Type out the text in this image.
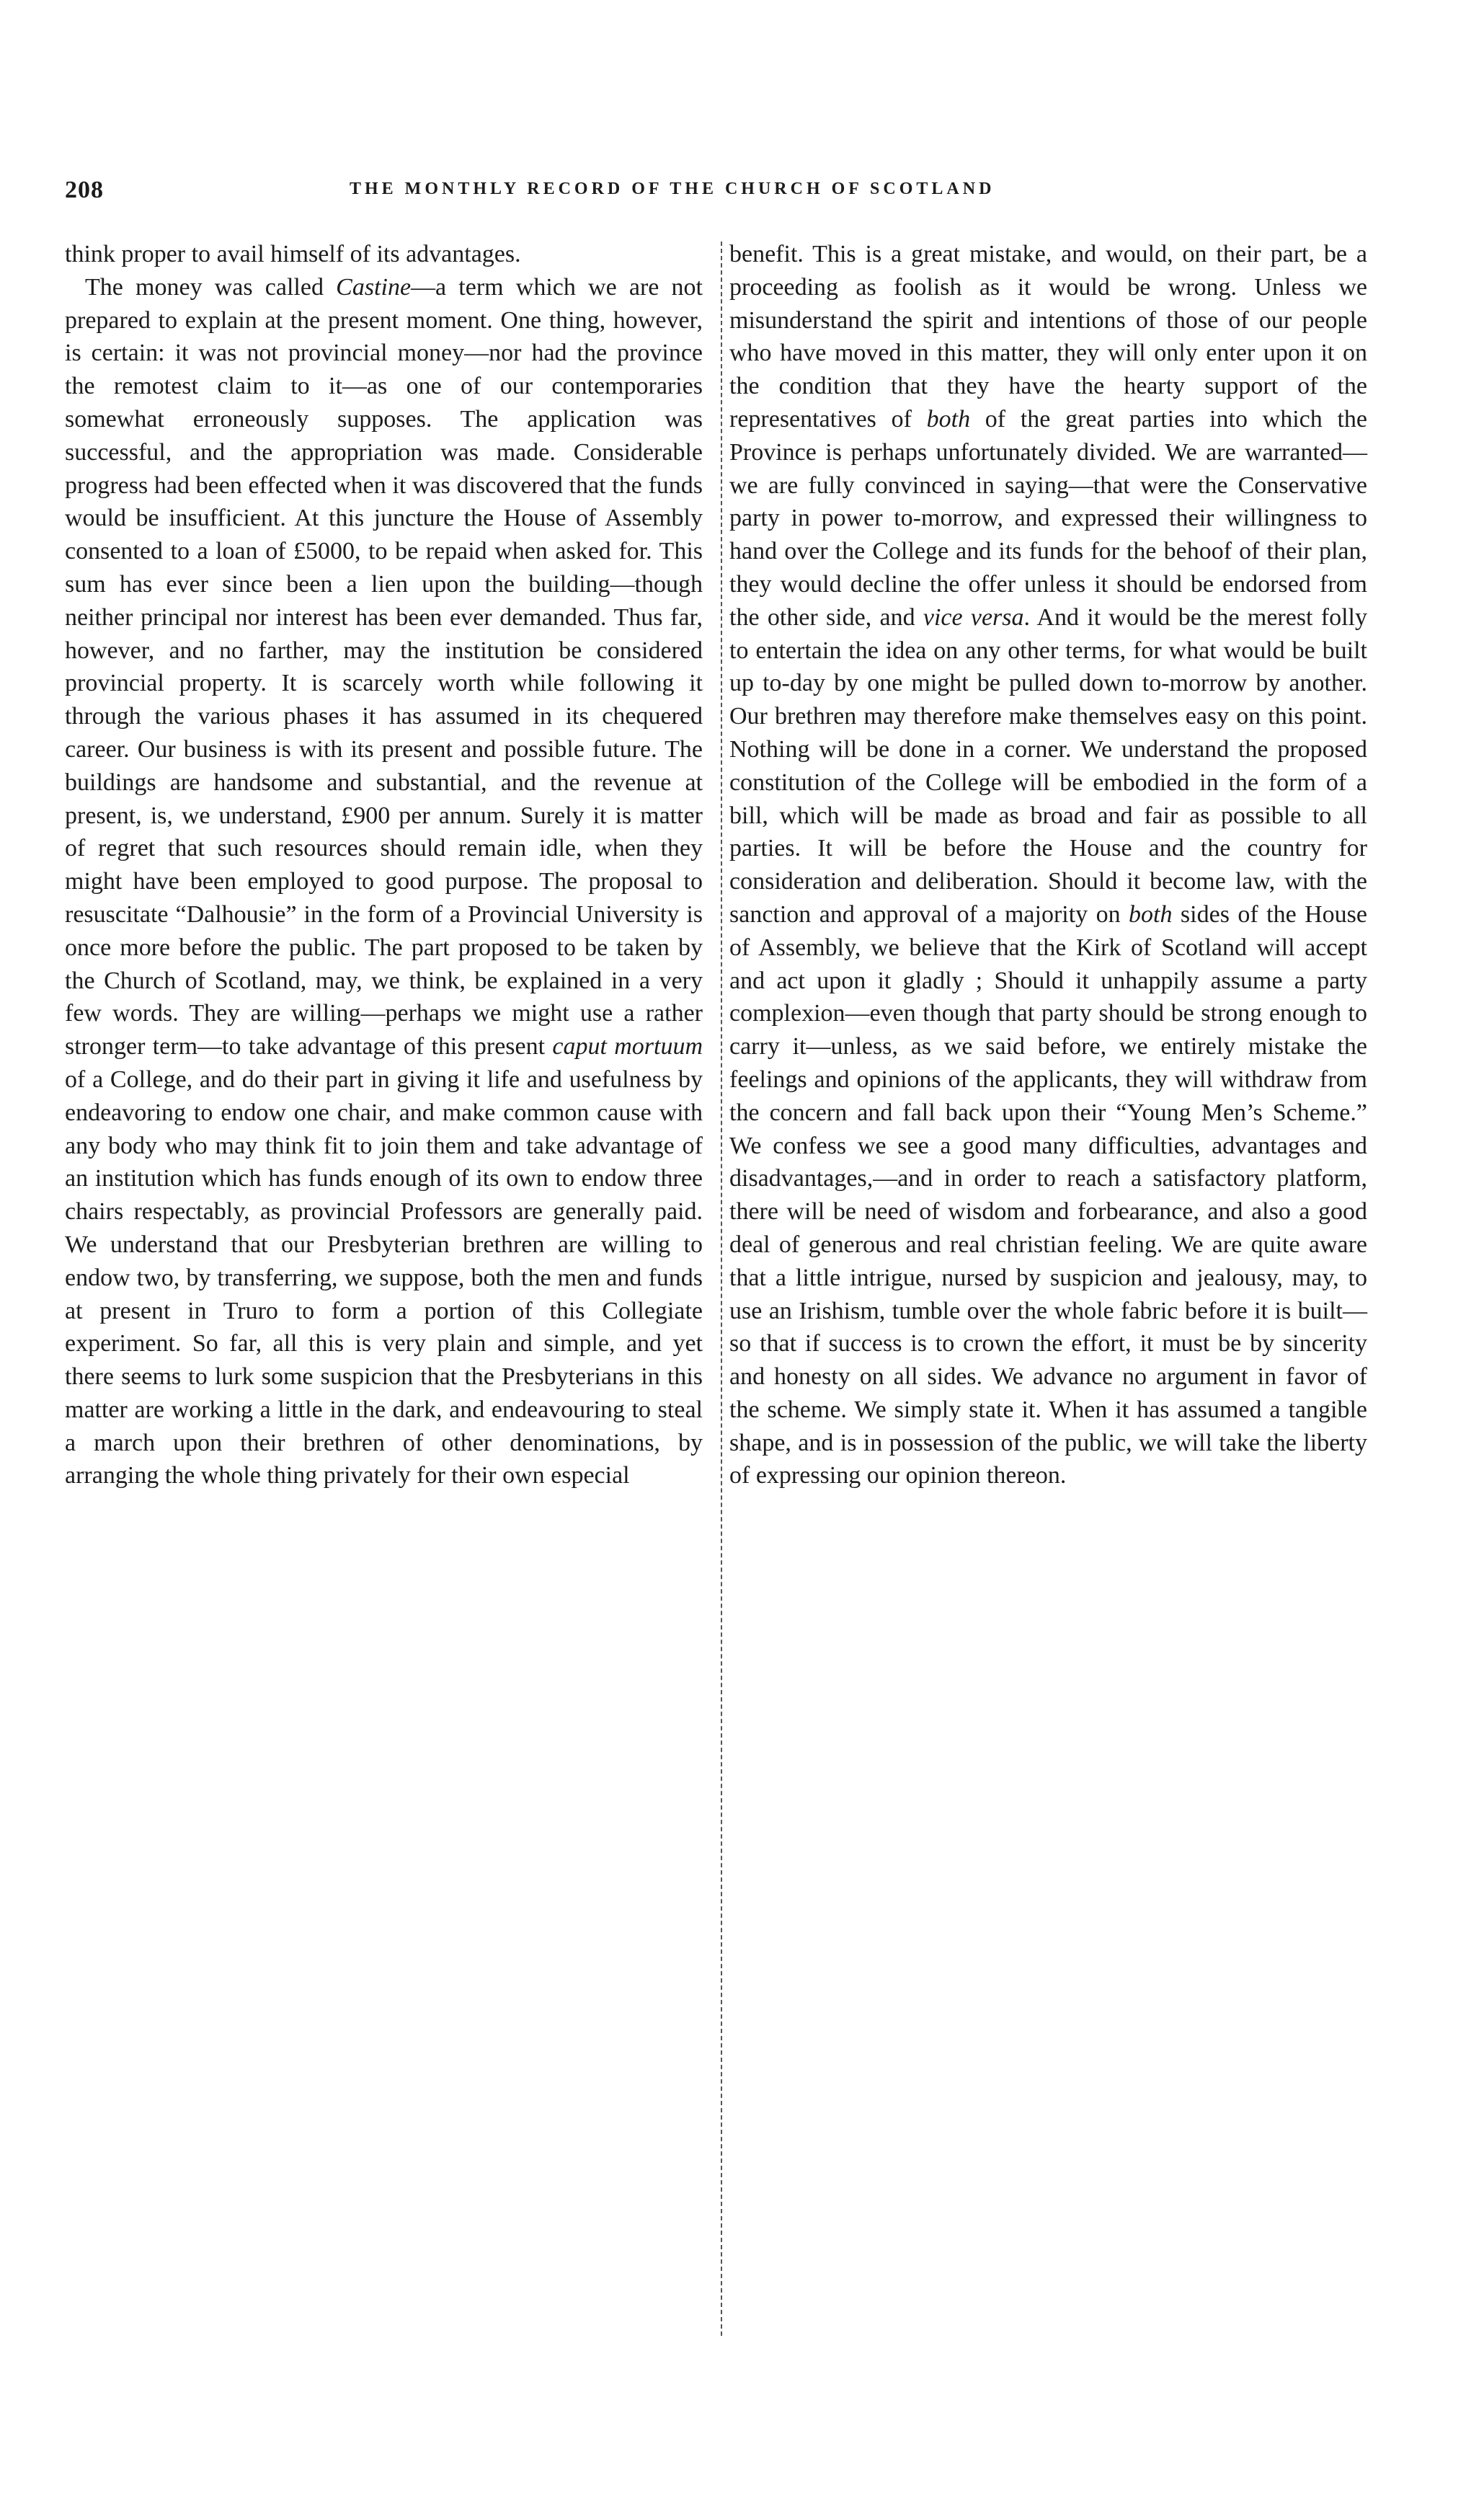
208	THE MONTHLY RECORD OF THE CHURCH OF SCOTLAND

think proper to avail himself of its advantages.

The money was called Castine—a term which we are not prepared to explain at the present moment. One thing, however, is certain: it was not provincial money—nor had the province the remotest claim to it—as one of our contemporaries somewhat erroneously supposes. The application was successful, and the appropriation was made. Considerable progress had been effected when it was discovered that the funds would be insufficient. At this juncture the House of Assembly consented to a loan of £5000, to be repaid when asked for. This sum has ever since been a lien upon the building—though neither principal nor interest has been ever demanded. Thus far, however, and no farther, may the institution be considered provincial property. It is scarcely worth while following it through the various phases it has assumed in its chequered career. Our business is with its present and possible future. The buildings are handsome and substantial, and the revenue at present, is, we understand, £900 per annum. Surely it is matter of regret that such resources should remain idle, when they might have been employed to good purpose. The proposal to resuscitate “Dalhousie” in the form of a Provincial University is once more before the public. The part proposed to be taken by the Church of Scotland, may, we think, be explained in a very few words. They are willing—perhaps we might use a rather stronger term—to take advantage of this present caput mortuum of a College, and do their part in giving it life and usefulness by endeavoring to endow one chair, and make common cause with any body who may think fit to join them and take advantage of an institution which has funds enough of its own to endow three chairs respectably, as provincial Professors are generally paid. We understand that our Presbyterian brethren are willing to endow two, by transferring, we suppose, both the men and funds at present in Truro to form a portion of this Collegiate experiment. So far, all this is very plain and simple, and yet there seems to lurk some suspicion that the Presbyterians in this matter are working a little in the dark, and endeavouring to steal a march upon their brethren of other denominations, by arranging the whole thing privately for their own especial

benefit. This is a great mistake, and would, on their part, be a proceeding as foolish as it would be wrong. Unless we misunderstand the spirit and intentions of those of our people who have moved in this matter, they will only enter upon it on the condition that they have the hearty support of the representatives of both of the great parties into which the Province is perhaps unfortunately divided. We are warranted—we are fully convinced in saying—that were the Conservative party in power to-morrow, and expressed their willingness to hand over the College and its funds for the behoof of their plan, they would decline the offer unless it should be endorsed from the other side, and vice versa. And it would be the merest folly to entertain the idea on any other terms, for what would be built up to-day by one might be pulled down to-morrow by another. Our brethren may therefore make themselves easy on this point. Nothing will be done in a corner. We understand the proposed constitution of the College will be embodied in the form of a bill, which will be made as broad and fair as possible to all parties. It will be before the House and the country for consideration and deliberation. Should it become law, with the sanction and approval of a majority on both sides of the House of Assembly, we believe that the Kirk of Scotland will accept and act upon it gladly ; Should it unhappily assume a party complexion—even though that party should be strong enough to carry it—unless, as we said before, we entirely mistake the feelings and opinions of the applicants, they will withdraw from the concern and fall back upon their “Young Men’s Scheme.” We confess we see a good many difficulties, advantages and disadvantages,—and in order to reach a satisfactory platform, there will be need of wisdom and forbearance, and also a good deal of generous and real christian feeling. We are quite aware that a little intrigue, nursed by suspicion and jealousy, may, to use an Irishism, tumble over the whole fabric before it is built—so that if success is to crown the effort, it must be by sincerity and honesty on all sides. We advance no argument in favor of the scheme. We simply state it. When it has assumed a tangible shape, and is in possession of the public, we will take the liberty of expressing our opinion thereon.
